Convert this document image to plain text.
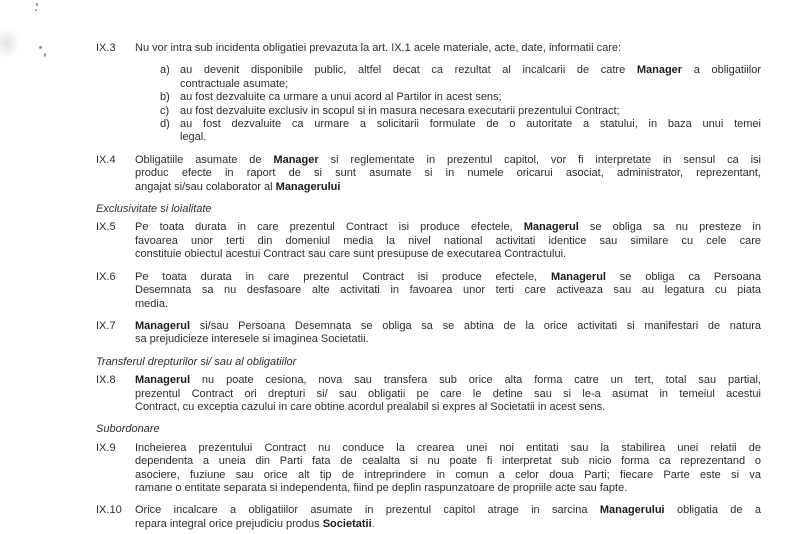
IX.3	Nu vor intra sub incidenta obligatiei prevazuta la art. IX.1 acele materiale, acte, date, informatii care:
a) au devenit disponibile public, altfel decat ca rezultat al incalcarii de catre Manager a obligatiilor
contractuale asumate;
b) au fost dezvaluite ca urmare a unui acord al Partilor in acest sens;
c) au fost dezvaluite exclusiv in scopul si in masura necesara executarii prezentului Contract;
d) au fost dezvaluite ca urmare a solicitarii formulate de o autoritate a statului, in baza unui temei
legal.
IX.4	Obligatiile asumate de Manager si reglementate in prezentul capitol, vor fi interpretate in sensul ca isi
produc efecte in raport de si sunt asumate si in numele oricarui asociat, administrator, reprezentant,
angajat si/sau colaborator al Managerului
Exclusivitate si loialitate
IX.5	Pe toata durata in care prezentul Contract isi produce efectele, Managerul se obliga sa nu presteze in
favoarea unor terti din domeniul media la nivel national activitati identice sau similare cu cele care
constituie obiectul acestui Contract sau care sunt presupuse de executarea Contractului.
IX.6	Pe toata durata in care prezentul Contract isi produce efectele, Managerul se obliga ca Persoana
Desemnata sa nu desfasoare alte activitati in favoarea unor terti care activeaza sau au legatura cu piata
media.
IX.7	Managerul si/sau Persoana Desemnata se obliga sa se abtina de la orice activitati si manifestari de natura
sa prejudicieze interesele si imaginea Societatii.
Transferul drepturilor si/ sau al obligatiilor
IX.8	Managerul nu poate cesiona, nova sau transfera sub orice alta forma catre un tert, total sau partial,
prezentul Contract ori drepturi si/ sau obligatii pe care le detine sau si le-a asumat in temeiul acestui
Contract, cu exceptia cazului in care obtine acordul prealabil si expres al Societatii in acest sens.
Subordonare
IX.9	Incheierea prezentului Contract nu conduce la crearea unei noi entitati sau la stabilirea unei relatii de
dependenta a uneia din Parti fata de cealalta si nu poate fi interpretat sub nicio forma ca reprezentand o
asociere, fuziune sau orice alt tip de intreprindere in comun a celor doua Parti; fiecare Parte este si va
ramane o entitate separata si independenta, fiind pe deplin raspunzatoare de propriile acte sau fapte.
IX.10	Orice incalcare a obligatiilor asumate in prezentul capitol atrage in sarcina Managerului obligatia de a
repara integral orice prejudiciu produs Societatii.
